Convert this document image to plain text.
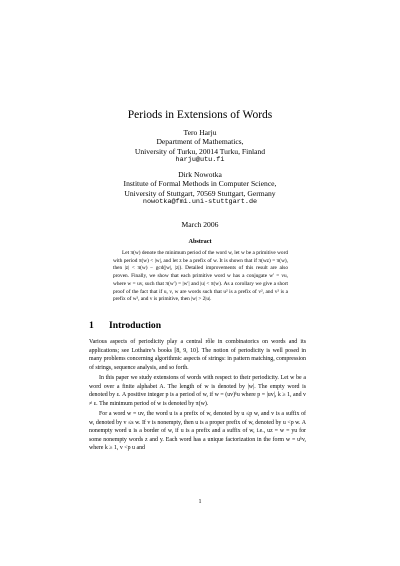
Periods in Extensions of Words
Tero Harju
Department of Mathematics,
University of Turku, 20014 Turku, Finland
harju@utu.fi
Dirk Nowotka
Institute of Formal Methods in Computer Science,
University of Stuttgart, 70569 Stuttgart, Germany
nowotka@fmi.uni-stuttgart.de
March 2006
Abstract

Let π(w) denote the minimum period of the word w, let w be a primitive word with period π(w) < |w|, and let z be a prefix of w. It is shown that if π(wz) = π(w), then |z| < π(w) − gcd(|w|, |z|). Detailed improvements of this result are also proven. Finally, we show that each primitive word w has a conjugate w′ = vu, where w = uv, such that π(w′) = |w′| and |u| < π(w). As a corollary we give a short proof of the fact that if u, v, w are words such that u² is a prefix of v², and v² is a prefix of w², and v is primitive, then |w| > 2|u|.

1 Introduction

Various aspects of periodicity play a central rôle in combinatorics on words and its applications; see Lothaire’s books [8, 9, 10]. The notion of periodicity is well posed in many problems concerning algorithmic aspects of strings: in pattern matching, compression of strings, sequence analysis, and so forth.

In this paper we study extensions of words with respect to their periodicity. Let w be a word over a finite alphabet A. The length of w is denoted by |w|. The empty word is denoted by ε. A positive integer p is a period of w, if w = (uv)ᵏu where p = |uv|, k ≥ 1, and v ≠ ε. The minimum period of w is denoted by π(w).

For a word w = uv, the word u is a prefix of w, denoted by u ≤p w, and v is a suffix of w, denoted by v ≤s w. If v is nonempty, then u is a proper prefix of w, denoted by u <p w. A nonempty word u is a border of w, if u is a prefix and a suffix of w, i.e., uz = w = yu for some nonempty words z and y. Each word has a unique factorization in the form w = uᵏv, where k ≥ 1, v <p u and

1
